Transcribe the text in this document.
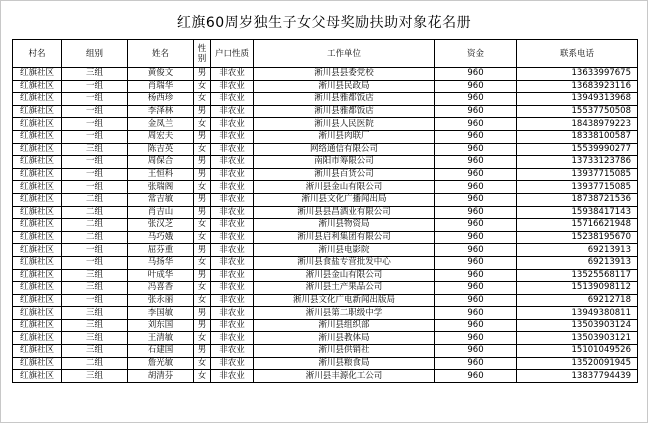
红旗60周岁独生子女父母奖励扶助对象花名册
村名	组别	姓名	性别	户口性质	工作单位	资金	联系电话
红旗社区	三组	黄俊文	男	非农业	淅川县县委党校	960	13633997675
红旗社区	一组	肖瑞华	女	非农业	淅川县民政局	960	13683923116
红旗社区	一组	杨西珍	女	非农业	淅川县雅都饭店	960	13949313968
红旗社区	一组	李泽林	男	非农业	淅川县雅都饭店	960	15537750508
红旗社区	一组	金凤兰	女	非农业	淅川县人民医院	960	18438979223
红旗社区	一组	周宏夫	男	非农业	淅川县肉联厂	960	18338100587
红旗社区	三组	陈吉英	女	非农业	网络通信有限公司	960	15539990277
红旗社区	一组	周保合	男	非农业	南阳市筹限公司	960	13733123786
红旗社区	一组	王恒科	男	非农业	淅川县百货公司	960	13937715085
红旗社区	一组	张瑞阁	女	非农业	淅川县金山有限公司	960	13937715085
红旗社区	二组	常吉敏	男	非农业	淅川县文化广播闻出局	960	18738721536
红旗社区	二组	肖吉山	男	非农业	淅川县县昌酒业有限公司	960	15938417143
红旗社区	二组	张汉芝	女	非农业	淅川县物资局	960	15716621948
红旗社区	二组	马巧娥	女	非农业	淅川县启利集团有限公司	960	15238195670
红旗社区	一组	屈芬重	男	非农业	淅川县电影院	960	69213913
红旗社区	一组	马扬华	女	非农业	淅川县食盐专营批发中心	960	69213913
红旗社区	三组	叶成华	男	非农业	淅川县金山有限公司	960	13525568117
红旗社区	三组	冯喜香	女	非农业	淅川县土产果品公司	960	15139098112
红旗社区	一组	张永丽	女	非农业	淅川县文化广电新闻出版局	960	69212718
红旗社区	三组	李国敏	男	非农业	淅川县第二职级中学	960	13949380811
红旗社区	三组	刘东国	男	非农业	淅川县组织部	960	13503903124
红旗社区	三组	王清敏	女	非农业	淅川县教体局	960	13503903121
红旗社区	三组	石建国	男	非农业	淅川县供销社	960	15101049526
红旗社区	二组	詹光敏	女	非农业	淅川县粮食局	960	13520091945
红旗社区	三组	胡清芬	女	非农业	淅川县丰源化工公司	960	13837794439
